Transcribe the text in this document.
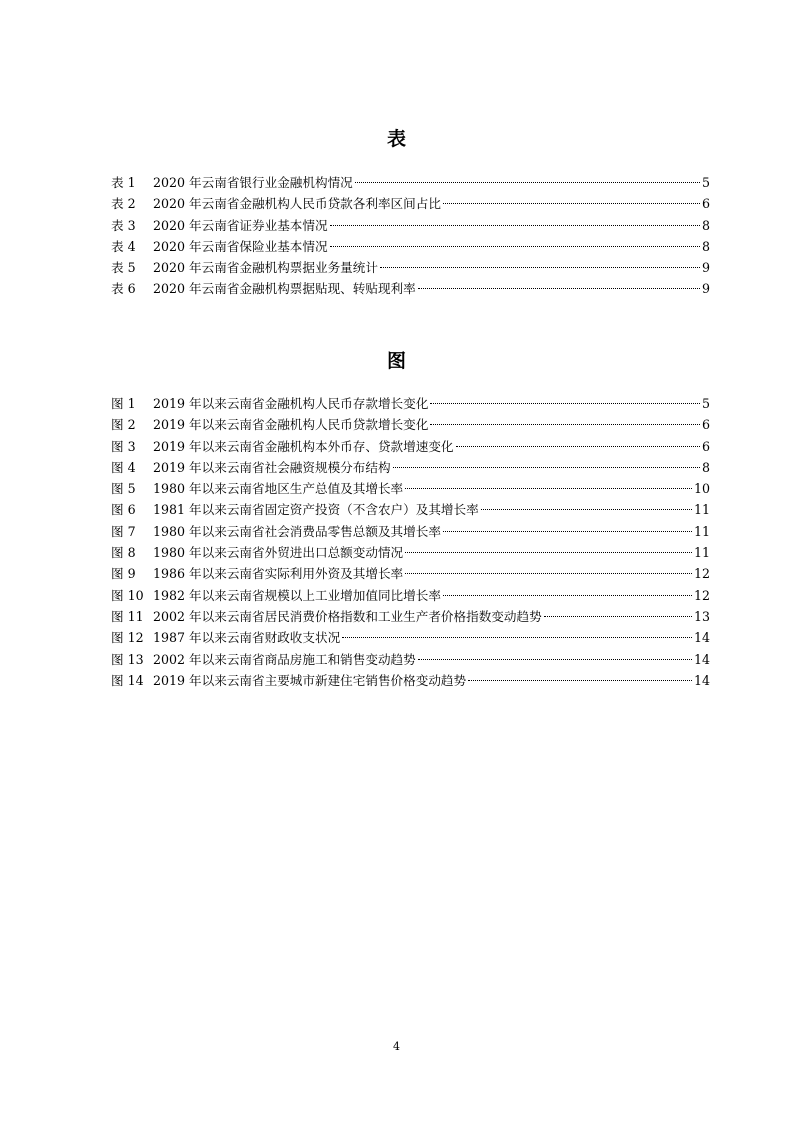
表
表 1	2020 年云南省银行业金融机构情况	5
表 2	2020 年云南省金融机构人民币贷款各利率区间占比	6
表 3	2020 年云南省证券业基本情况	8
表 4	2020 年云南省保险业基本情况	8
表 5	2020 年云南省金融机构票据业务量统计	9
表 6	2020 年云南省金融机构票据贴现、转贴现利率	9
图
图 1	2019 年以来云南省金融机构人民币存款增长变化	5
图 2	2019 年以来云南省金融机构人民币贷款增长变化	6
图 3	2019 年以来云南省金融机构本外币存、贷款增速变化	6
图 4	2019 年以来云南省社会融资规模分布结构	8
图 5	1980 年以来云南省地区生产总值及其增长率	10
图 6	1981 年以来云南省固定资产投资（不含农户）及其增长率	11
图 7	1980 年以来云南省社会消费品零售总额及其增长率	11
图 8	1980 年以来云南省外贸进出口总额变动情况	11
图 9	1986 年以来云南省实际利用外资及其增长率	12
图 10 1982 年以来云南省规模以上工业增加值同比增长率	12
图 11 2002 年以来云南省居民消费价格指数和工业生产者价格指数变动趋势	13
图 12 1987 年以来云南省财政收支状况	14
图 13 2002 年以来云南省商品房施工和销售变动趋势	14
图 14 2019 年以来云南省主要城市新建住宅销售价格变动趋势	14
4
